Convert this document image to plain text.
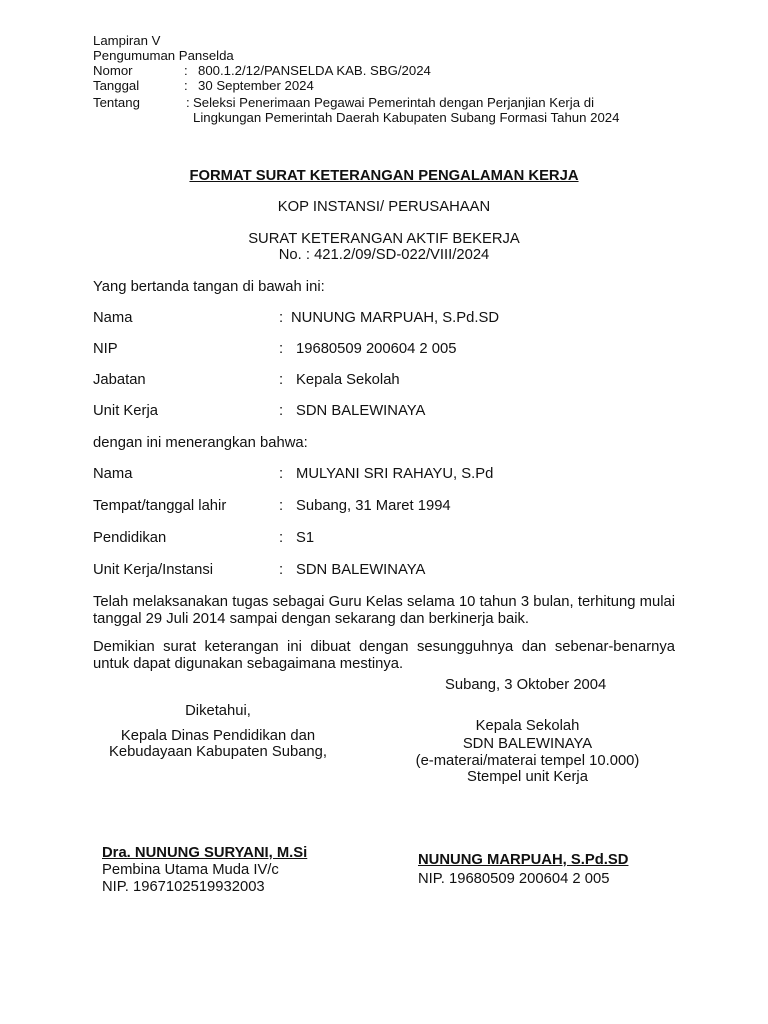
Lampiran V
Pengumuman Panselda
Nomor	: 800.1.2/12/PANSELDA KAB. SBG/2024
Tanggal	: 30 September 2024
Tentang	: Seleksi Penerimaan Pegawai Pemerintah dengan Perjanjian Kerja di
Lingkungan Pemerintah Daerah Kabupaten Subang Formasi Tahun 2024
FORMAT SURAT KETERANGAN PENGALAMAN KERJA
KOP INSTANSI/ PERUSAHAAN
SURAT KETERANGAN AKTIF BEKERJA
No. : 421.2/09/SD-022/VIII/2024
Yang bertanda tangan di bawah ini:
Nama	: NUNUNG MARPUAH, S.Pd.SD
NIP	: 19680509 200604 2 005
Jabatan	: Kepala Sekolah
Unit Kerja	: SDN BALEWINAYA
dengan ini menerangkan bahwa:
Nama	: MULYANI SRI RAHAYU, S.Pd
Tempat/tanggal lahir	: Subang, 31 Maret 1994
Pendidikan	: S1
Unit Kerja/Instansi	: SDN BALEWINAYA
Telah melaksanakan tugas sebagai Guru Kelas selama 10 tahun 3 bulan, terhitung mulai tanggal 29 Juli 2014 sampai dengan sekarang dan berkinerja baik.
Demikian surat keterangan ini dibuat dengan sesungguhnya dan sebenar-benarnya untuk dapat digunakan sebagaimana mestinya.
Subang, 3 Oktober 2004
Diketahui,
Kepala Dinas Pendidikan dan
Kebudayaan Kabupaten Subang,
Dra. NUNUNG SURYANI, M.Si
Pembina Utama Muda IV/c
NIP. 1967102519932003
Kepala Sekolah
SDN BALEWINAYA
(e-materai/materai tempel 10.000)
Stempel unit Kerja
NUNUNG MARPUAH, S.Pd.SD
NIP. 19680509 200604 2 005
